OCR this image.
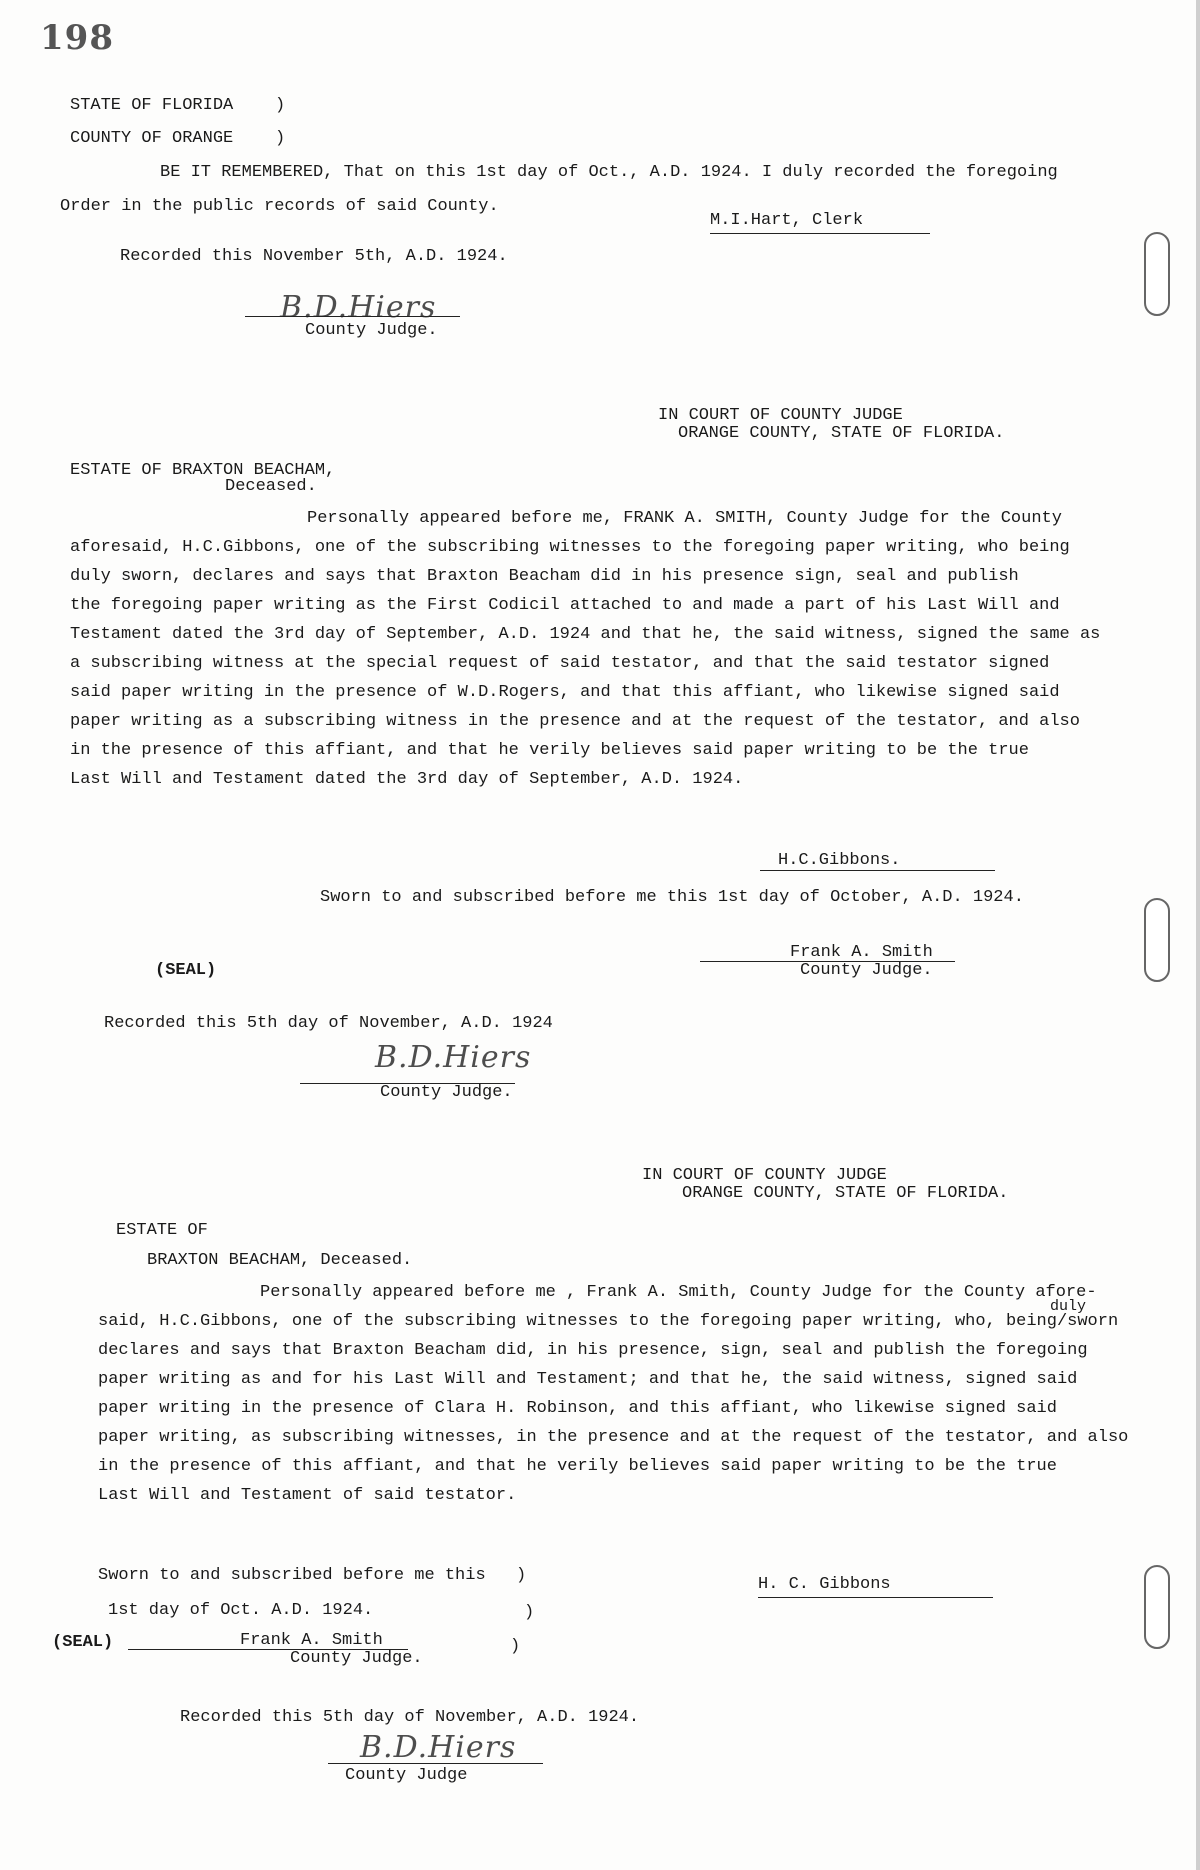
198
STATE OF FLORIDA )
COUNTY OF ORANGE )
BE IT REMEMBERED, That on this 1st day of Oct., A.D. 1924. I duly recorded the foregoing
Order in the public records of said County.
M.I.Hart, Clerk
Recorded this November 5th, A.D. 1924.
B.D.Hiers
County Judge.
IN COURT OF COUNTY JUDGE
ORANGE COUNTY, STATE OF FLORIDA.
ESTATE OF BRAXTON BEACHAM,
Deceased.
Personally appeared before me, FRANK A. SMITH, County Judge for the County
aforesaid, H.C.Gibbons, one of the subscribing witnesses to the foregoing paper writing, who being
duly sworn, declares and says that Braxton Beacham did in his presence sign, seal and publish
the foregoing paper writing as the First Codicil attached to and made a part of his Last Will and
Testament dated the 3rd day of September, A.D. 1924 and that he, the said witness, signed the same as
a subscribing witness at the special request of said testator, and that the said testator signed
said paper writing in the presence of W.D.Rogers, and that this affiant, who likewise signed said
paper writing as a subscribing witness in the presence and at the request of the testator, and also
in the presence of this affiant, and that he verily believes said paper writing to be the true
Last Will and Testament dated the 3rd day of September, A.D. 1924.
H.C.Gibbons.
Sworn to and subscribed before me this 1st day of October, A.D. 1924.
(SEAL)
Frank A. Smith
County Judge.
Recorded this 5th day of November, A.D. 1924
B.D.Hiers
County Judge.
IN COURT OF COUNTY JUDGE
ORANGE COUNTY, STATE OF FLORIDA.
ESTATE OF
BRAXTON BEACHAM, Deceased.
duly
Personally appeared before me , Frank A. Smith, County Judge for the County afore-
said, H.C.Gibbons, one of the subscribing witnesses to the foregoing paper writing, who, being/sworn
declares and says that Braxton Beacham did, in his presence, sign, seal and publish the foregoing
paper writing as and for his Last Will and Testament; and that he, the said witness, signed said
paper writing in the presence of Clara H. Robinson, and this affiant, who likewise signed said
paper writing, as subscribing witnesses, in the presence and at the request of the testator, and also
in the presence of this affiant, and that he verily believes said paper writing to be the true
Last Will and Testament of said testator.
Sworn to and subscribed before me this )
1st day of Oct. A.D. 1924.	)
)
H. C. Gibbons
(SEAL)	Frank A. Smith
County Judge.
Recorded this 5th day of November, A.D. 1924.
B.D.Hiers
County Judge
